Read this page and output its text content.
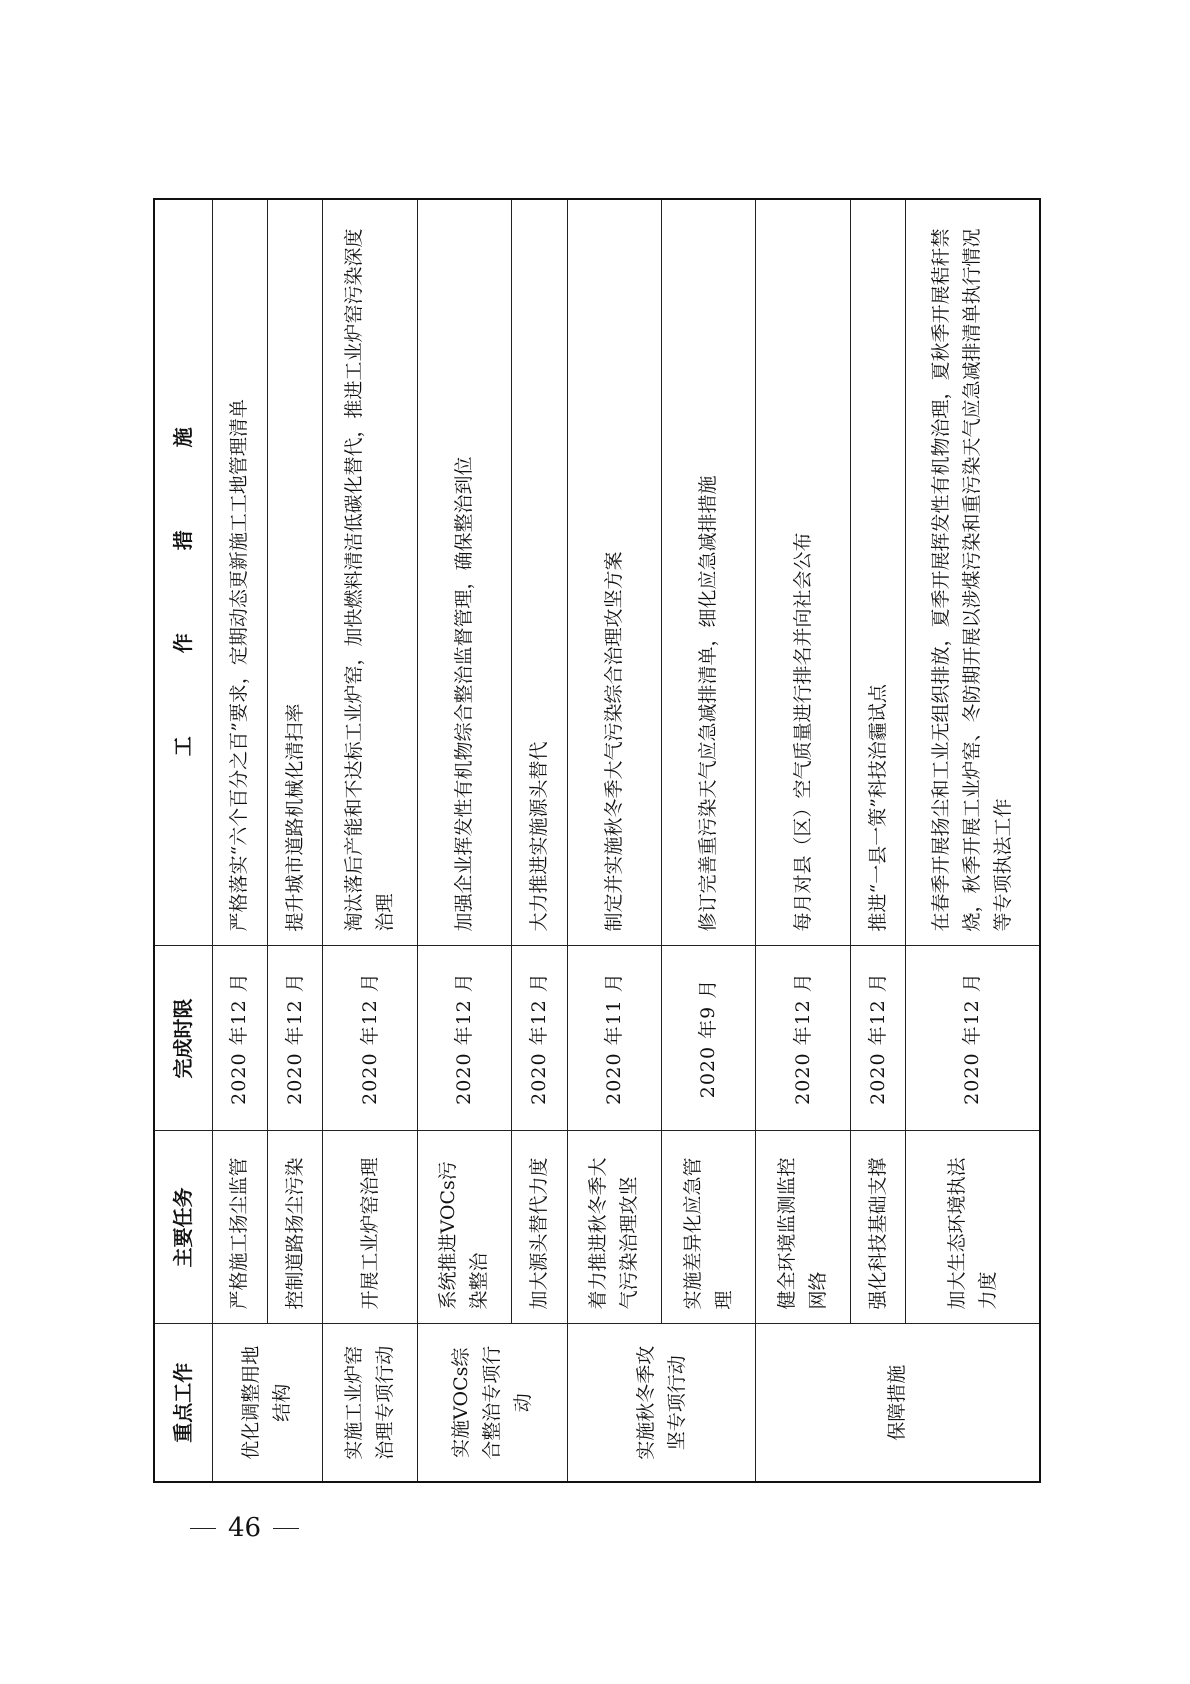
重点工作	主要任务	完成时限	工 作 措 施
优化调整用地结构	严格施工扬尘监管	2020 年12 月	严格落实“六个百分之百”要求，定期动态更新施工工地管理清单
	控制道路扬尘污染	2020 年12 月	提升城市道路机械化清扫率
实施工业炉窑治理专项行动	开展工业炉窑治理	2020 年12 月	淘汰落后产能和不达标工业炉窑，加快燃料清洁低碳化替代，推进工业炉窑污染深度治理
实施VOCs综合整治专项行动	系统推进VOCs污染整治	2020 年12 月	加强企业挥发性有机物综合整治监督管理，确保整治到位
	加大源头替代力度	2020 年12 月	大力推进实施源头替代
实施秋冬季攻坚专项行动	着力推进秋冬季大气污染治理攻坚	2020 年11 月	制定并实施秋冬季大气污染综合治理攻坚方案
	实施差异化应急管理	2020 年9 月	修订完善重污染天气应急减排清单，细化应急减排措施
保障措施	健全环境监测监控网络	2020 年12 月	每月对县（区）空气质量进行排名并向社会公布
	强化科技基础支撑	2020 年12 月	推进“一县一策”科技治霾试点
	加大生态环境执法力度	2020 年12 月	在春季开展扬尘和工业无组织排放，夏季开展挥发性有机物治理，夏秋季开展秸秆禁烧，秋季开展工业炉窑、冬防期开展以涉煤污染和重污染天气应急减排清单执行情况等专项执法工作
46
